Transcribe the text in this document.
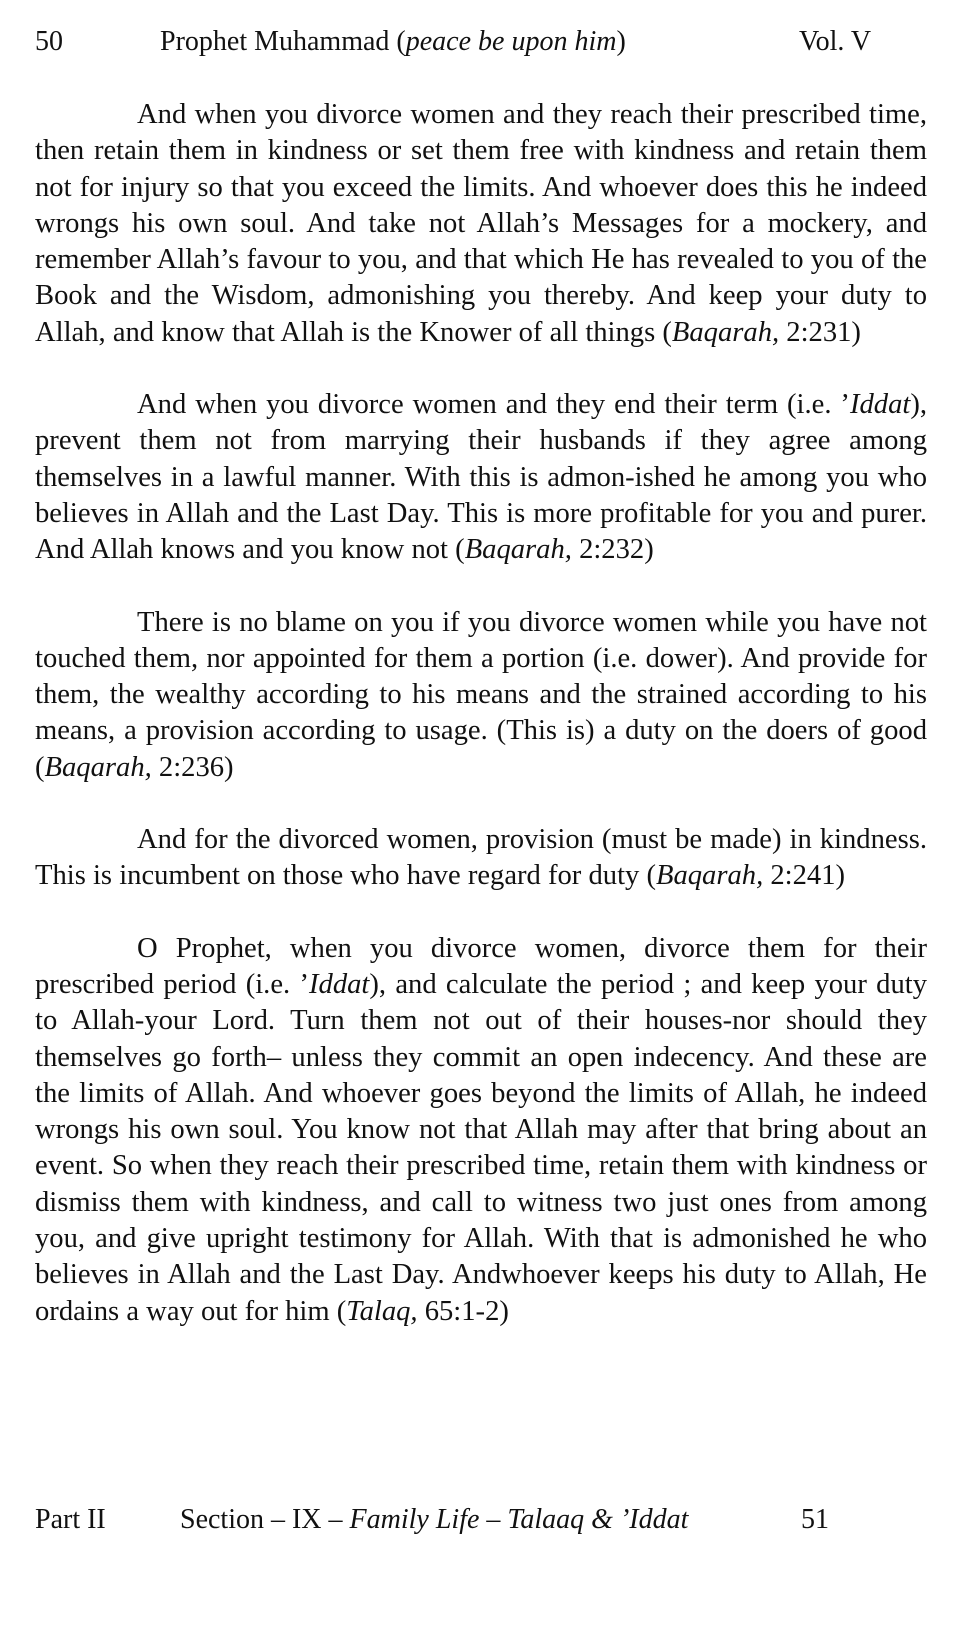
50	Prophet Muhammad (peace be upon him)	Vol. V

And when you divorce women and they reach their prescribed time, then retain them in kindness or set them free with kindness and retain them not for injury so that you exceed the limits. And whoever does this he indeed wrongs his own soul. And take not Allah’s Messages for a mockery, and remember Allah’s favour to you, and that which He has revealed to you of the Book and the Wisdom, admonishing you thereby. And keep your duty to Allah, and know that Allah is the Knower of all things (Baqarah, 2:231)

And when you divorce women and they end their term (i.e. ’Iddat), prevent them not from marrying their husbands if they agree among themselves in a lawful manner. With this is admon-ished he among you who believes in Allah and the Last Day. This is more profitable for you and purer. And Allah knows and you know not (Baqarah, 2:232)

There is no blame on you if you divorce women while you have not touched them, nor appointed for them a portion (i.e. dower). And provide for them, the wealthy according to his means and the strained according to his means, a provision according to usage. (This is) a duty on the doers of good (Baqarah, 2:236)

And for the divorced women, provision (must be made) in kindness. This is incumbent on those who have regard for duty (Baqarah, 2:241)

O Prophet, when you divorce women, divorce them for their prescribed period (i.e. ’Iddat), and calculate the period ; and keep your duty to Allah-your Lord. Turn them not out of their houses-nor should they themselves go forth– unless they commit an open indecency. And these are the limits of Allah. And whoever goes beyond the limits of Allah, he indeed wrongs his own soul. You know not that Allah may after that bring about an event. So when they reach their prescribed time, retain them with kindness or dismiss them with kindness, and call to witness two just ones from among you, and give upright testimony for Allah. With that is admonished he who believes in Allah and the Last Day. Andwhoever keeps his duty to Allah, He ordains a way out for him (Talaq, 65:1-2)

Part II	Section – IX – Family Life – Talaaq & ’Iddat	51
